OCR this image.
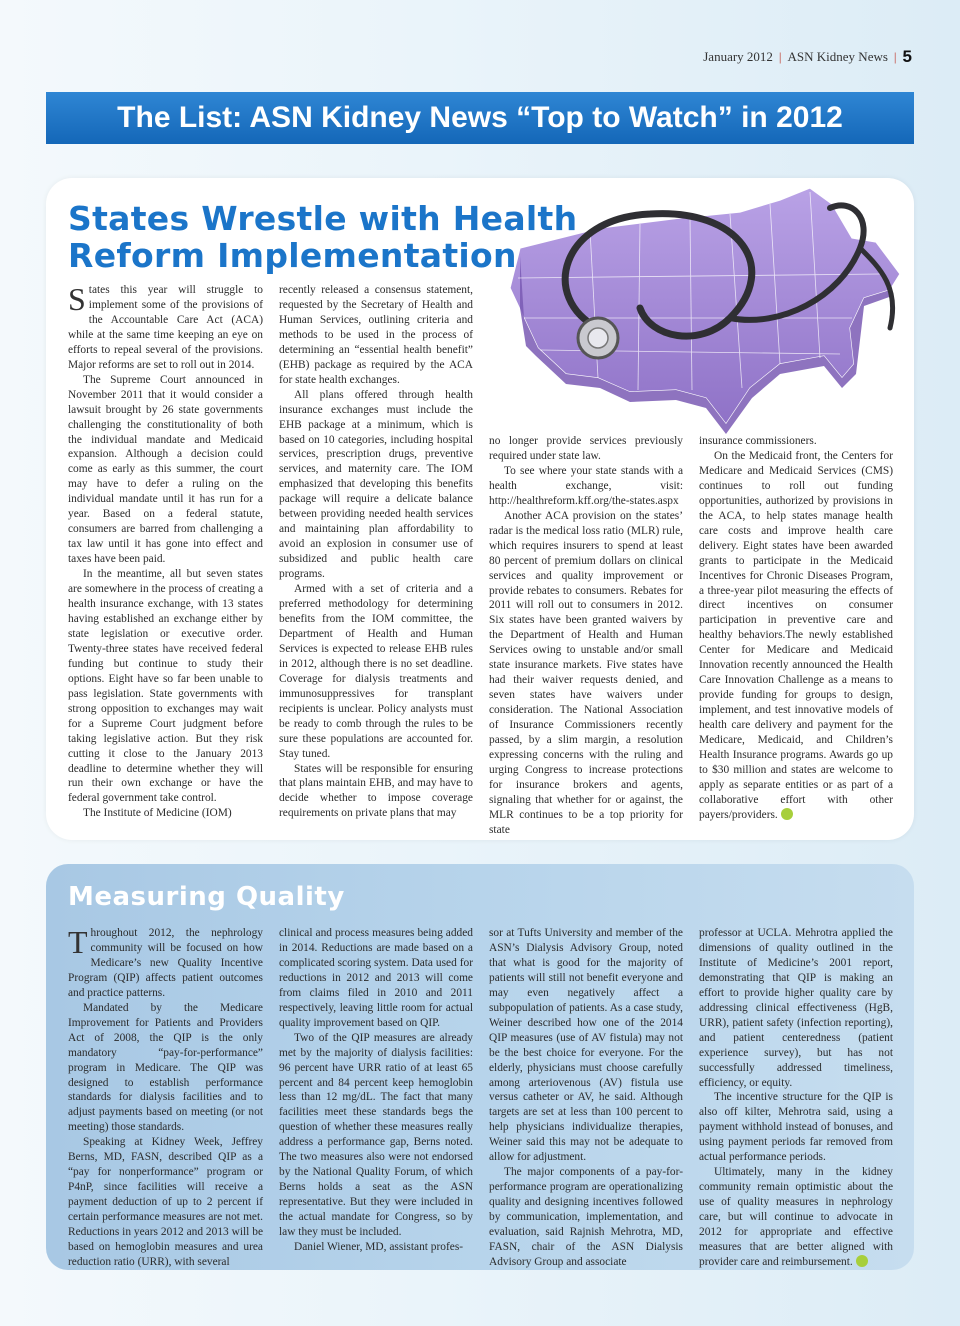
January 2012 | ASN Kidney News | 5
The List: ASN Kidney News “Top to Watch” in 2012
States Wrestle with Health
Reform Implementation

States this year will struggle to implement some of the provisions of the Accountable Care Act (ACA) while at the same time keeping an eye on efforts to repeal several of the provisions. Major reforms are set to roll out in 2014.

The Supreme Court announced in November 2011 that it would consider a lawsuit brought by 26 state governments challenging the constitutionality of both the individual mandate and Medicaid expansion. Although a decision could come as early as this summer, the court may have to defer a ruling on the individual mandate until it has run for a year. Based on a federal statute, consumers are barred from challenging a tax law until it has gone into effect and taxes have been paid.

In the meantime, all but seven states are somewhere in the process of creating a health insurance exchange, with 13 states having established an exchange either by state legislation or executive order. Twenty-three states have received federal funding but continue to study their options. Eight have so far been unable to pass legislation. State governments with strong opposition to exchanges may wait for a Supreme Court judgment before taking legislative action. But they risk cutting it close to the January 2013 deadline to determine whether they will run their own exchange or have the federal government take control.

The Institute of Medicine (IOM)

recently released a consensus statement, requested by the Secretary of Health and Human Services, outlining criteria and methods to be used in the process of determining an “essential health benefit” (EHB) package as required by the ACA for state health exchanges.

All plans offered through health insurance exchanges must include the EHB package at a minimum, which is based on 10 categories, including hospital services, prescription drugs, preventive services, and maternity care. The IOM emphasized that developing this benefits package will require a delicate balance between providing needed health services and maintaining plan affordability to avoid an explosion in consumer use of subsidized and public health care programs.

Armed with a set of criteria and a preferred methodology for determining benefits from the IOM committee, the Department of Health and Human Services is expected to release EHB rules in 2012, although there is no set deadline. Coverage for dialysis treatments and immunosuppressives for transplant recipients is unclear. Policy analysts must be ready to comb through the rules to be sure these populations are accounted for. Stay tuned.

States will be responsible for ensuring that plans maintain EHB, and may have to decide whether to impose coverage requirements on private plans that may

no longer provide services previously required under state law.

To see where your state stands with a health exchange, visit: http://healthreform.kff.org/the-states.aspx

Another ACA provision on the states’ radar is the medical loss ratio (MLR) rule, which requires insurers to spend at least 80 percent of premium dollars on clinical services and quality improvement or provide rebates to consumers. Rebates for 2011 will roll out to consumers in 2012. Six states have been granted waivers by the Department of Health and Human Services owing to unstable and/or small state insurance markets. Five states have had their waiver requests denied, and seven states have waivers under consideration. The National Association of Insurance Commissioners recently passed, by a slim margin, a resolution expressing concerns with the ruling and urging Congress to increase protections for insurance brokers and agents, signaling that whether for or against, the MLR continues to be a top priority for state

insurance commissioners.

On the Medicaid front, the Centers for Medicare and Medicaid Services (CMS) continues to roll out funding opportunities, authorized by provisions in the ACA, to help states manage health care costs and improve health care delivery. Eight states have been awarded grants to participate in the Medicaid Incentives for Chronic Diseases Program, a three-year pilot measuring the effects of direct incentives on consumer participation in preventive care and healthy behaviors.The newly established Center for Medicare and Medicaid Innovation recently announced the Health Care Innovation Challenge as a means to provide funding for groups to design, implement, and test innovative models of health care delivery and payment for the Medicare, Medicaid, and Children’s Health Insurance programs. Awards go up to $30 million and states are welcome to apply as separate entities or as part of a collaborative effort with other payers/providers.

Measuring Quality

Throughout 2012, the nephrology community will be focused on how Medicare’s new Quality Incentive Program (QIP) affects patient outcomes and practice patterns.

Mandated by the Medicare Improvement for Patients and Providers Act of 2008, the QIP is the only mandatory “pay-for-performance” program in Medicare. The QIP was designed to establish performance standards for dialysis facilities and to adjust payments based on meeting (or not meeting) those standards.

Speaking at Kidney Week, Jeffrey Berns, MD, FASN, described QIP as a “pay for nonperformance” program or P4nP, since facilities will receive a payment deduction of up to 2 percent if certain performance measures are not met. Reductions in years 2012 and 2013 will be based on hemoglobin measures and urea reduction ratio (URR), with several

clinical and process measures being added in 2014. Reductions are made based on a complicated scoring system. Data used for reductions in 2012 and 2013 will come from claims filed in 2010 and 2011 respectively, leaving little room for actual quality improvement based on QIP.

Two of the QIP measures are already met by the majority of dialysis facilities: 96 percent have URR ratio of at least 65 percent and 84 percent keep hemoglobin less than 12 mg/dL. The fact that many facilities meet these standards begs the question of whether these measures really address a performance gap, Berns noted. The two measures also were not endorsed by the National Quality Forum, of which Berns holds a seat as the ASN representative. But they were included in the actual mandate for Congress, so by law they must be included.

Daniel Wiener, MD, assistant profes-

sor at Tufts University and member of the ASN’s Dialysis Advisory Group, noted that what is good for the majority of patients will still not benefit everyone and may even negatively affect a subpopulation of patients. As a case study, Weiner described how one of the 2014 QIP measures (use of AV fistula) may not be the best choice for everyone. For the elderly, physicians must choose carefully among arteriovenous (AV) fistula use versus catheter or AV, he said. Although targets are set at less than 100 percent to help physicians individualize therapies, Weiner said this may not be adequate to allow for adjustment.

The major components of a pay-for-performance program are operationalizing quality and designing incentives followed by communication, implementation, and evaluation, said Rajnish Mehrotra, MD, FASN, chair of the ASN Dialysis Advisory Group and associate

professor at UCLA. Mehrotra applied the dimensions of quality outlined in the Institute of Medicine’s 2001 report, demonstrating that QIP is making an effort to provide higher quality care by addressing clinical effectiveness (HgB, URR), patient safety (infection reporting), and patient centeredness (patient experience survey), but has not successfully addressed timeliness, efficiency, or equity.

The incentive structure for the QIP is also off kilter, Mehrotra said, using a payment withhold instead of bonuses, and using payment periods far removed from actual performance periods.

Ultimately, many in the kidney community remain optimistic about the use of quality measures in nephrology care, but will continue to advocate in 2012 for appropriate and effective measures that are better aligned with provider care and reimbursement.
